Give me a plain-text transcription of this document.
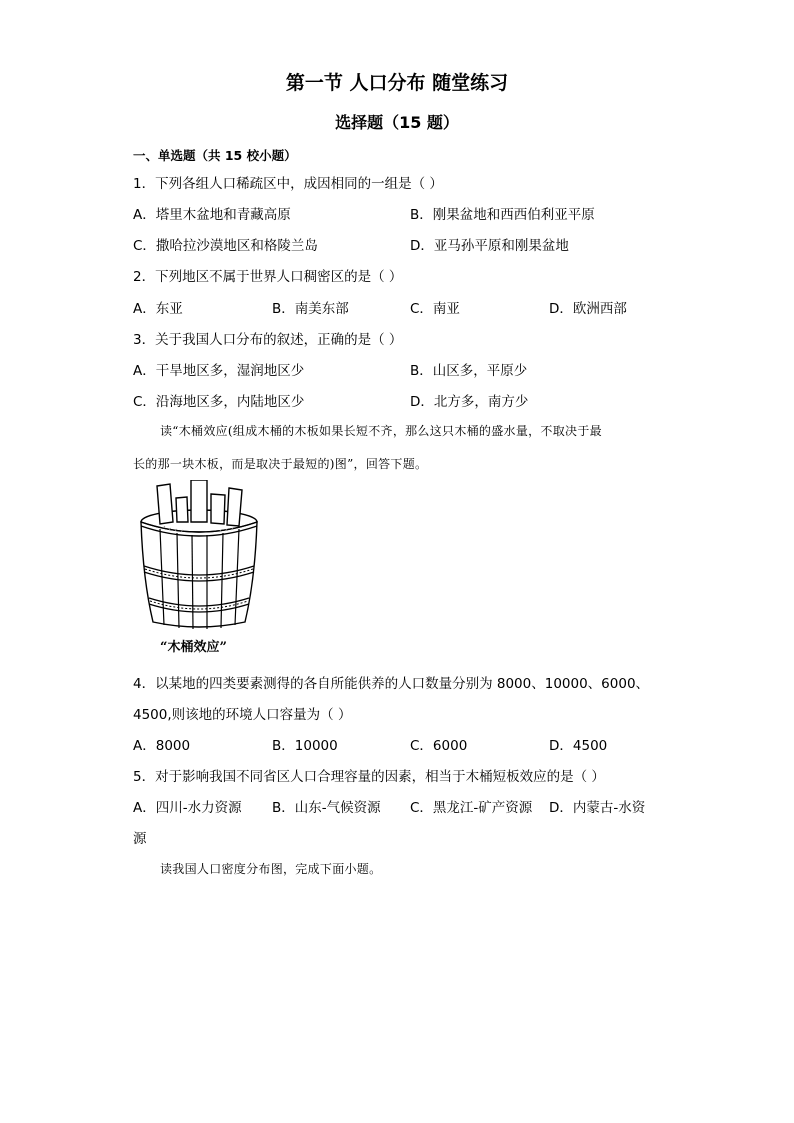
第一节 人口分布 随堂练习
选择题（15 题）
一、单选题（共 15 校小题）
1．下列各组人口稀疏区中，成因相同的一组是（ ）
A．塔里木盆地和青藏高原	B．刚果盆地和西西伯利亚平原
C．撒哈拉沙漠地区和格陵兰岛	D．亚马孙平原和刚果盆地
2．下列地区不属于世界人口稠密区的是（ ）
A．东亚	B．南美东部	C．南亚	D．欧洲西部
3．关于我国人口分布的叙述，正确的是（ ）
A．干旱地区多，湿润地区少	B．山区多，平原少
C．沿海地区多，内陆地区少	D．北方多，南方少
读“木桶效应(组成木桶的木板如果长短不齐，那么这只木桶的盛水量，不取决于最
长的那一块木板，而是取决于最短的)图”，回答下题。
“木桶效应”
4．以某地的四类要素测得的各自所能供养的人口数量分别为 8000、10000、6000、
4500,则该地的环境人口容量为（ ）
A．8000	B．10000	C．6000	D．4500
5．对于影响我国不同省区人口合理容量的因素，相当于木桶短板效应的是（ ）
A．四川-水力资源 B．山东-气候资源 C．黑龙江-矿产资源 D．内蒙古-水资
源
读我国人口密度分布图，完成下面小题。
